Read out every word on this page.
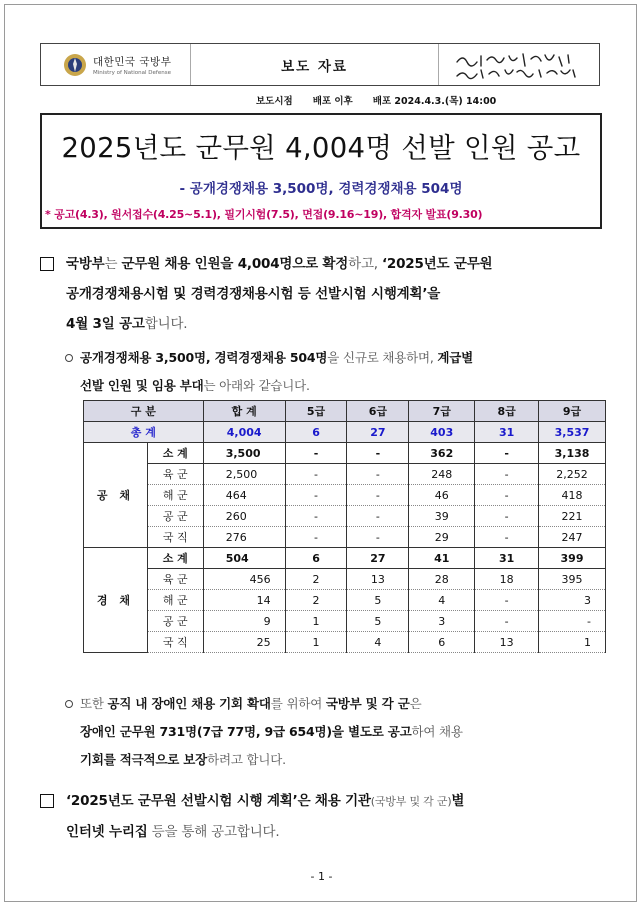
대한민국 국방부
Ministry of National Defense	보도 자료
보도시점 배포 이후 배포 2024.4.3.(목) 14:00
2025년도 군무원 4,004명 선발 인원 공고
- 공개경쟁채용 3,500명, 경력경쟁채용 504명
* 공고(4.3), 원서접수(4.25~5.1), 필기시험(7.5), 면접(9.16~19), 합격자 발표(9.30)
국방부는 군무원 채용 인원을 4,004명으로 확정하고, ‘2025년도 군무원
공개경쟁채용시험 및 경력경쟁채용시험 등 선발시험 시행계획’을
4월 3일 공고합니다.
공개경쟁채용 3,500명, 경력경쟁채용 504명을 신규로 채용하며, 계급별
선발 인원 및 임용 부대는 아래와 같습니다.
구 분		합 계	5급	6급	7급	8급	9급
총 계		4,004	6	27	403	31	3,537
공 채	소 계	3,500	-	-	362	-	3,138
	육 군	2,500	-	-	248	-	2,252
	해 군	464	-	-	46	-	418
	공 군	260	-	-	39	-	221
	국 직	276	-	-	29	-	247
경 채	소 계	504	6	27	41	31	399
	육 군	456	2	13	28	18	395
	해 군	14	2	5	4	-	3
	공 군	9	1	5	3	-	-
	국 직	25	1	4	6	13	1
또한 공직 내 장애인 채용 기회 확대를 위하여 국방부 및 각 군은
장애인 군무원 731명(7급 77명, 9급 654명)을 별도로 공고하여 채용
기회를 적극적으로 보장하려고 합니다.
‘2025년도 군무원 선발시험 시행 계획’은 채용 기관(국방부 및 각 군)별
인터넷 누리집 등을 통해 공고합니다.
- 1 -
